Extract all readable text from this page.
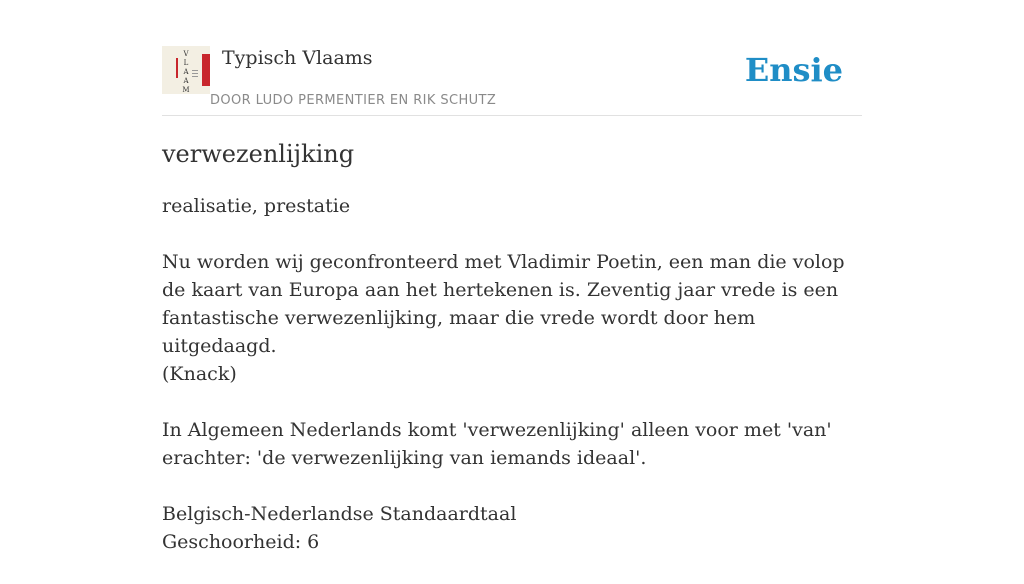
V
L
A
A
M
Typisch Vlaams
DOOR LUDO PERMENTIER EN RIK SCHUTZ
Ensie
verwezenlijking

realisatie, prestatie

Nu worden wij geconfronteerd met Vladimir Poetin, een man die volop de kaart van Europa aan het hertekenen is. Zeventig jaar vrede is een fantastische verwezenlijking, maar die vrede wordt door hem uitgedaagd.
(Knack)

In Algemeen Nederlands komt 'verwezenlijking' alleen voor met 'van' erachter: 'de verwezenlijking van iemands ideaal'.

Belgisch-Nederlandse Standaardtaal
Geschoorheid: 6
